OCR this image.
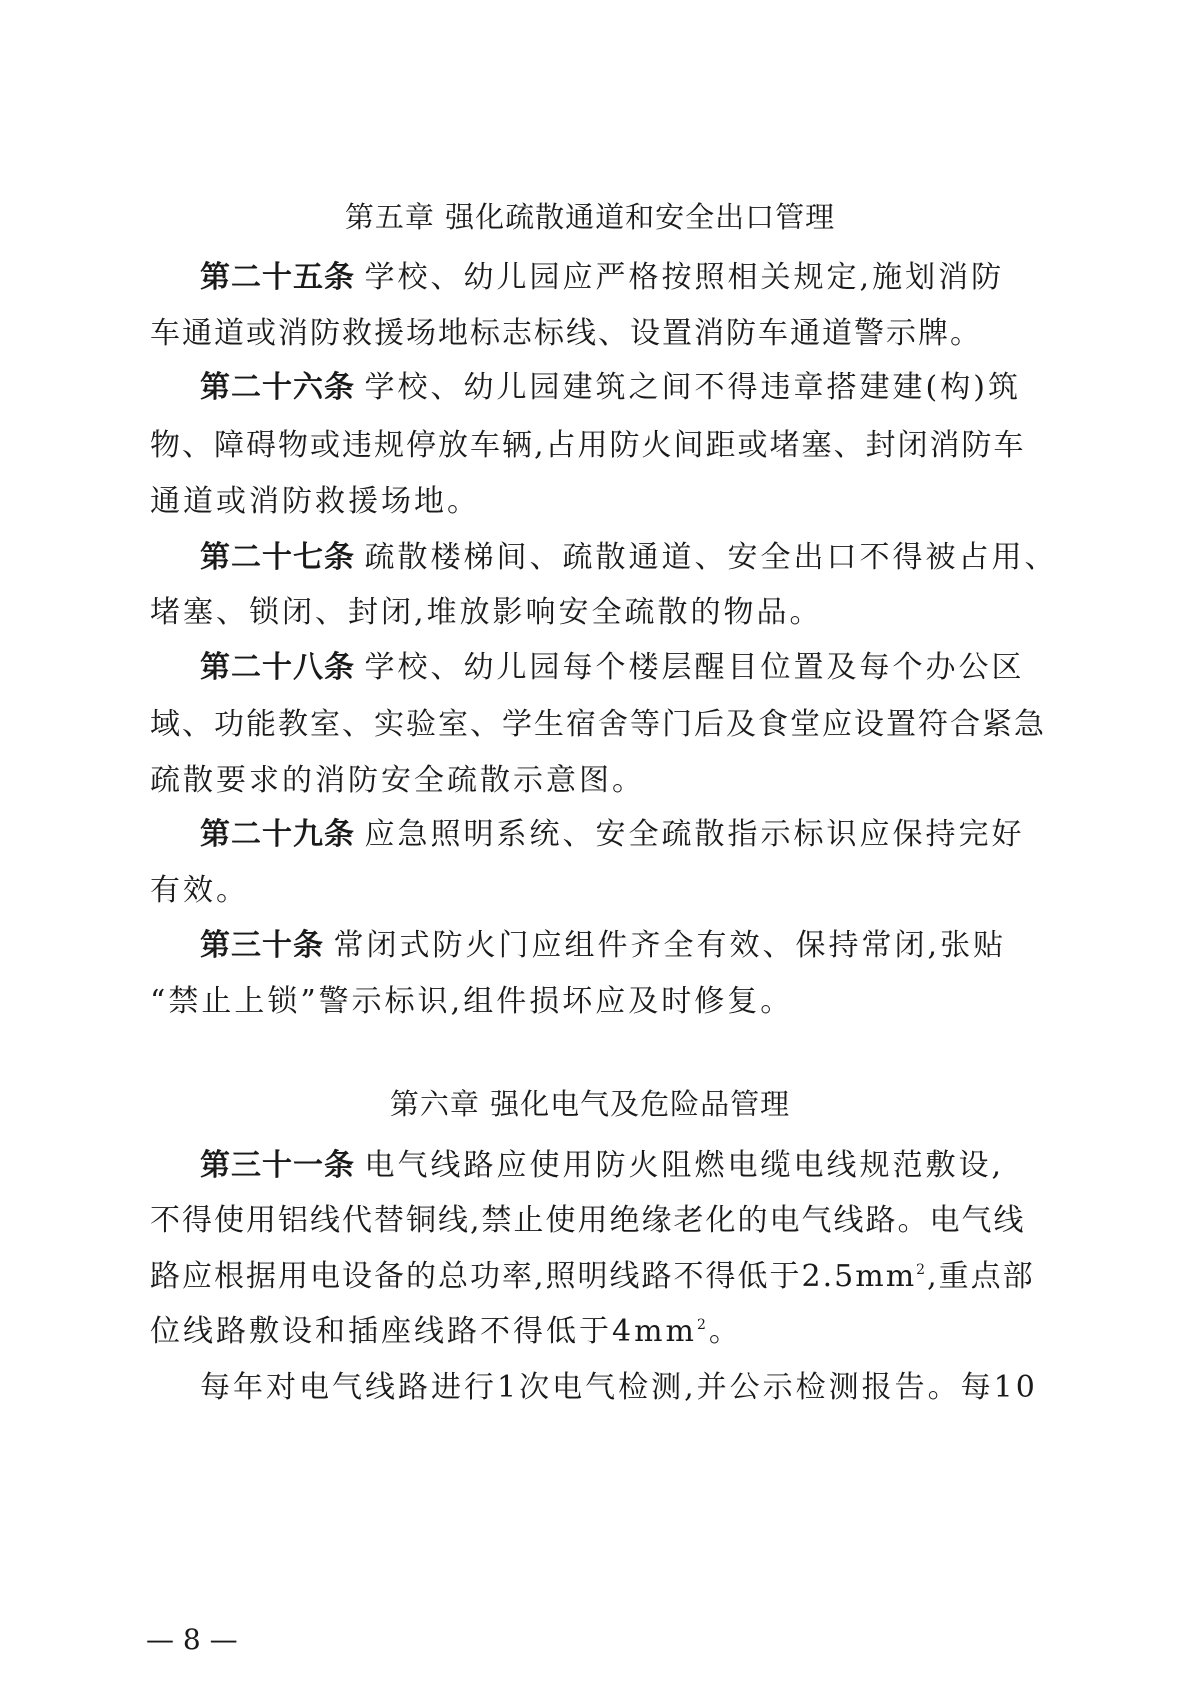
第五章 强化疏散通道和安全出口管理
第二十五条 学校、幼儿园应严格按照相关规定,施划消防
车通道或消防救援场地标志标线、设置消防车通道警示牌。
第二十六条 学校、幼儿园建筑之间不得违章搭建建(构)筑
物、障碍物或违规停放车辆,占用防火间距或堵塞、封闭消防车
通道或消防救援场地。
第二十七条 疏散楼梯间、疏散通道、安全出口不得被占用、
堵塞、锁闭、封闭,堆放影响安全疏散的物品。
第二十八条 学校、幼儿园每个楼层醒目位置及每个办公区
域、功能教室、实验室、学生宿舍等门后及食堂应设置符合紧急
疏散要求的消防安全疏散示意图。
第二十九条 应急照明系统、安全疏散指示标识应保持完好
有效。
第三十条 常闭式防火门应组件齐全有效、保持常闭,张贴
“禁止上锁”警示标识,组件损坏应及时修复。
第六章 强化电气及危险品管理
第三十一条 电气线路应使用防火阻燃电缆电线规范敷设,
不得使用铝线代替铜线,禁止使用绝缘老化的电气线路。电气线
路应根据用电设备的总功率,照明线路不得低于$2.5mm^2$,重点部
位线路敷设和插座线路不得低于$4mm^2$。
每年对电气线路进行1次电气检测,并公示检测报告。每10
— 8 —
